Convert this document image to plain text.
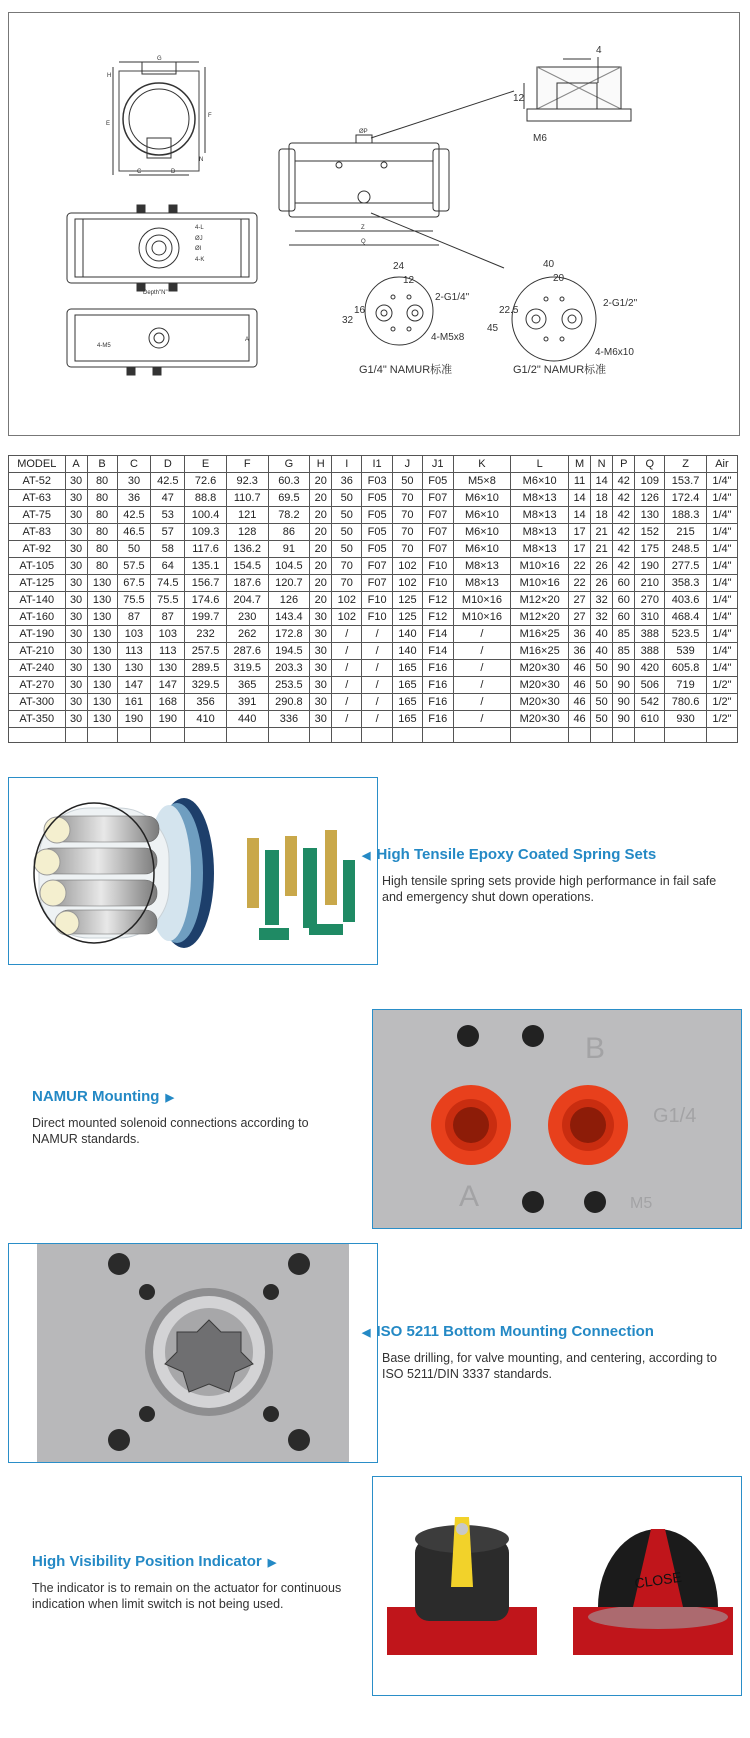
G
E
F
H
C	D
N
4-L
ØJ
ØI
4-K
Depth"N"
4-M5
A
ØP
Z
Q
4
12
M6
24
12
16
32
2-G1/4"
4-M5x8
G1/4" NAMUR标准
40
20
22.5
45
2-G1/2"
4-M6x10
G1/2" NAMUR标准
MODEL	A	B	C	D	E	F	G	H	I	I1	J	J1	K	L	M	N	P	Q	Z	Air
AT-52	30	80	30	42.5	72.6	92.3	60.3	20	36	F03	50	F05	M5×8	M6×10	11	14	42	109	153.7	1/4"
AT-63	30	80	36	47	88.8	110.7	69.5	20	50	F05	70	F07	M6×10	M8×13	14	18	42	126	172.4	1/4"
AT-75	30	80	42.5	53	100.4	121	78.2	20	50	F05	70	F07	M6×10	M8×13	14	18	42	130	188.3	1/4"
AT-83	30	80	46.5	57	109.3	128	86	20	50	F05	70	F07	M6×10	M8×13	17	21	42	152	215	1/4"
AT-92	30	80	50	58	117.6	136.2	91	20	50	F05	70	F07	M6×10	M8×13	17	21	42	175	248.5	1/4"
AT-105	30	80	57.5	64	135.1	154.5	104.5	20	70	F07	102	F10	M8×13	M10×16	22	26	42	190	277.5	1/4"
AT-125	30	130	67.5	74.5	156.7	187.6	120.7	20	70	F07	102	F10	M8×13	M10×16	22	26	60	210	358.3	1/4"
AT-140	30	130	75.5	75.5	174.6	204.7	126	20	102	F10	125	F12	M10×16	M12×20	27	32	60	270	403.6	1/4"
AT-160	30	130	87	87	199.7	230	143.4	30	102	F10	125	F12	M10×16	M12×20	27	32	60	310	468.4	1/4"
AT-190	30	130	103	103	232	262	172.8	30	/	/	140	F14	/	M16×25	36	40	85	388	523.5	1/4"
AT-210	30	130	113	113	257.5	287.6	194.5	30	/	/	140	F14	/	M16×25	36	40	85	388	539	1/4"
AT-240	30	130	130	130	289.5	319.5	203.3	30	/	/	165	F16	/	M20×30	46	50	90	420	605.8	1/4"
AT-270	30	130	147	147	329.5	365	253.5	30	/	/	165	F16	/	M20×30	46	50	90	506	719	1/2"
AT-300	30	130	161	168	356	391	290.8	30	/	/	165	F16	/	M20×30	46	50	90	542	780.6	1/2"
AT-350	30	130	190	190	410	440	336	30	/	/	165	F16	/	M20×30	46	50	90	610	930	1/2"

◀ High Tensile Epoxy Coated Spring Sets

High tensile spring sets provide high performance in fail safe and emergency shut down operations.

NAMUR Mounting ▶

Direct mounted solenoid connections according to NAMUR standards.

B
A
G1/4
M5
◀ ISO 5211 Bottom Mounting Connection

Base drilling, for valve mounting, and centering, according to ISO 5211/DIN 3337 standards.

High Visibility Position Indicator ▶

The indicator is to remain on the actuator for continuous indication when limit switch is not being used.

CLOSE
